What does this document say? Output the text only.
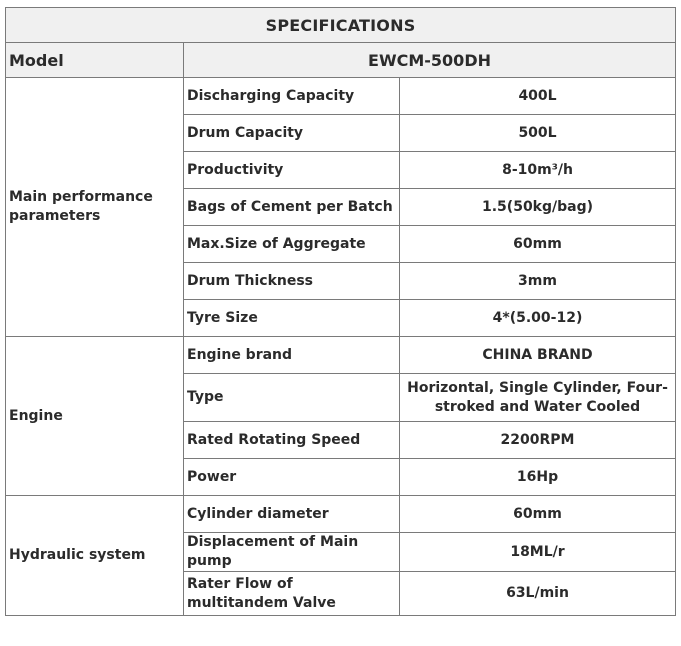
SPECIFICATIONS		
Model	EWCM-500DH	
Main performance parameters	Discharging Capacity	400L
	Drum Capacity	500L
	Productivity	8-10m³/h
	Bags of Cement per Batch	1.5(50kg/bag)
	Max.Size of Aggregate	60mm
	Drum Thickness	3mm
	Tyre Size	4*(5.00-12)
Engine	Engine brand	CHINA BRAND
	Type	Horizontal, Single Cylinder, Four-stroked and Water Cooled
	Rated Rotating Speed	2200RPM
	Power	16Hp
Hydraulic system	Cylinder diameter	60mm
	Displacement of Main pump	18ML/r
	Rater Flow of multitandem Valve	63L/min
